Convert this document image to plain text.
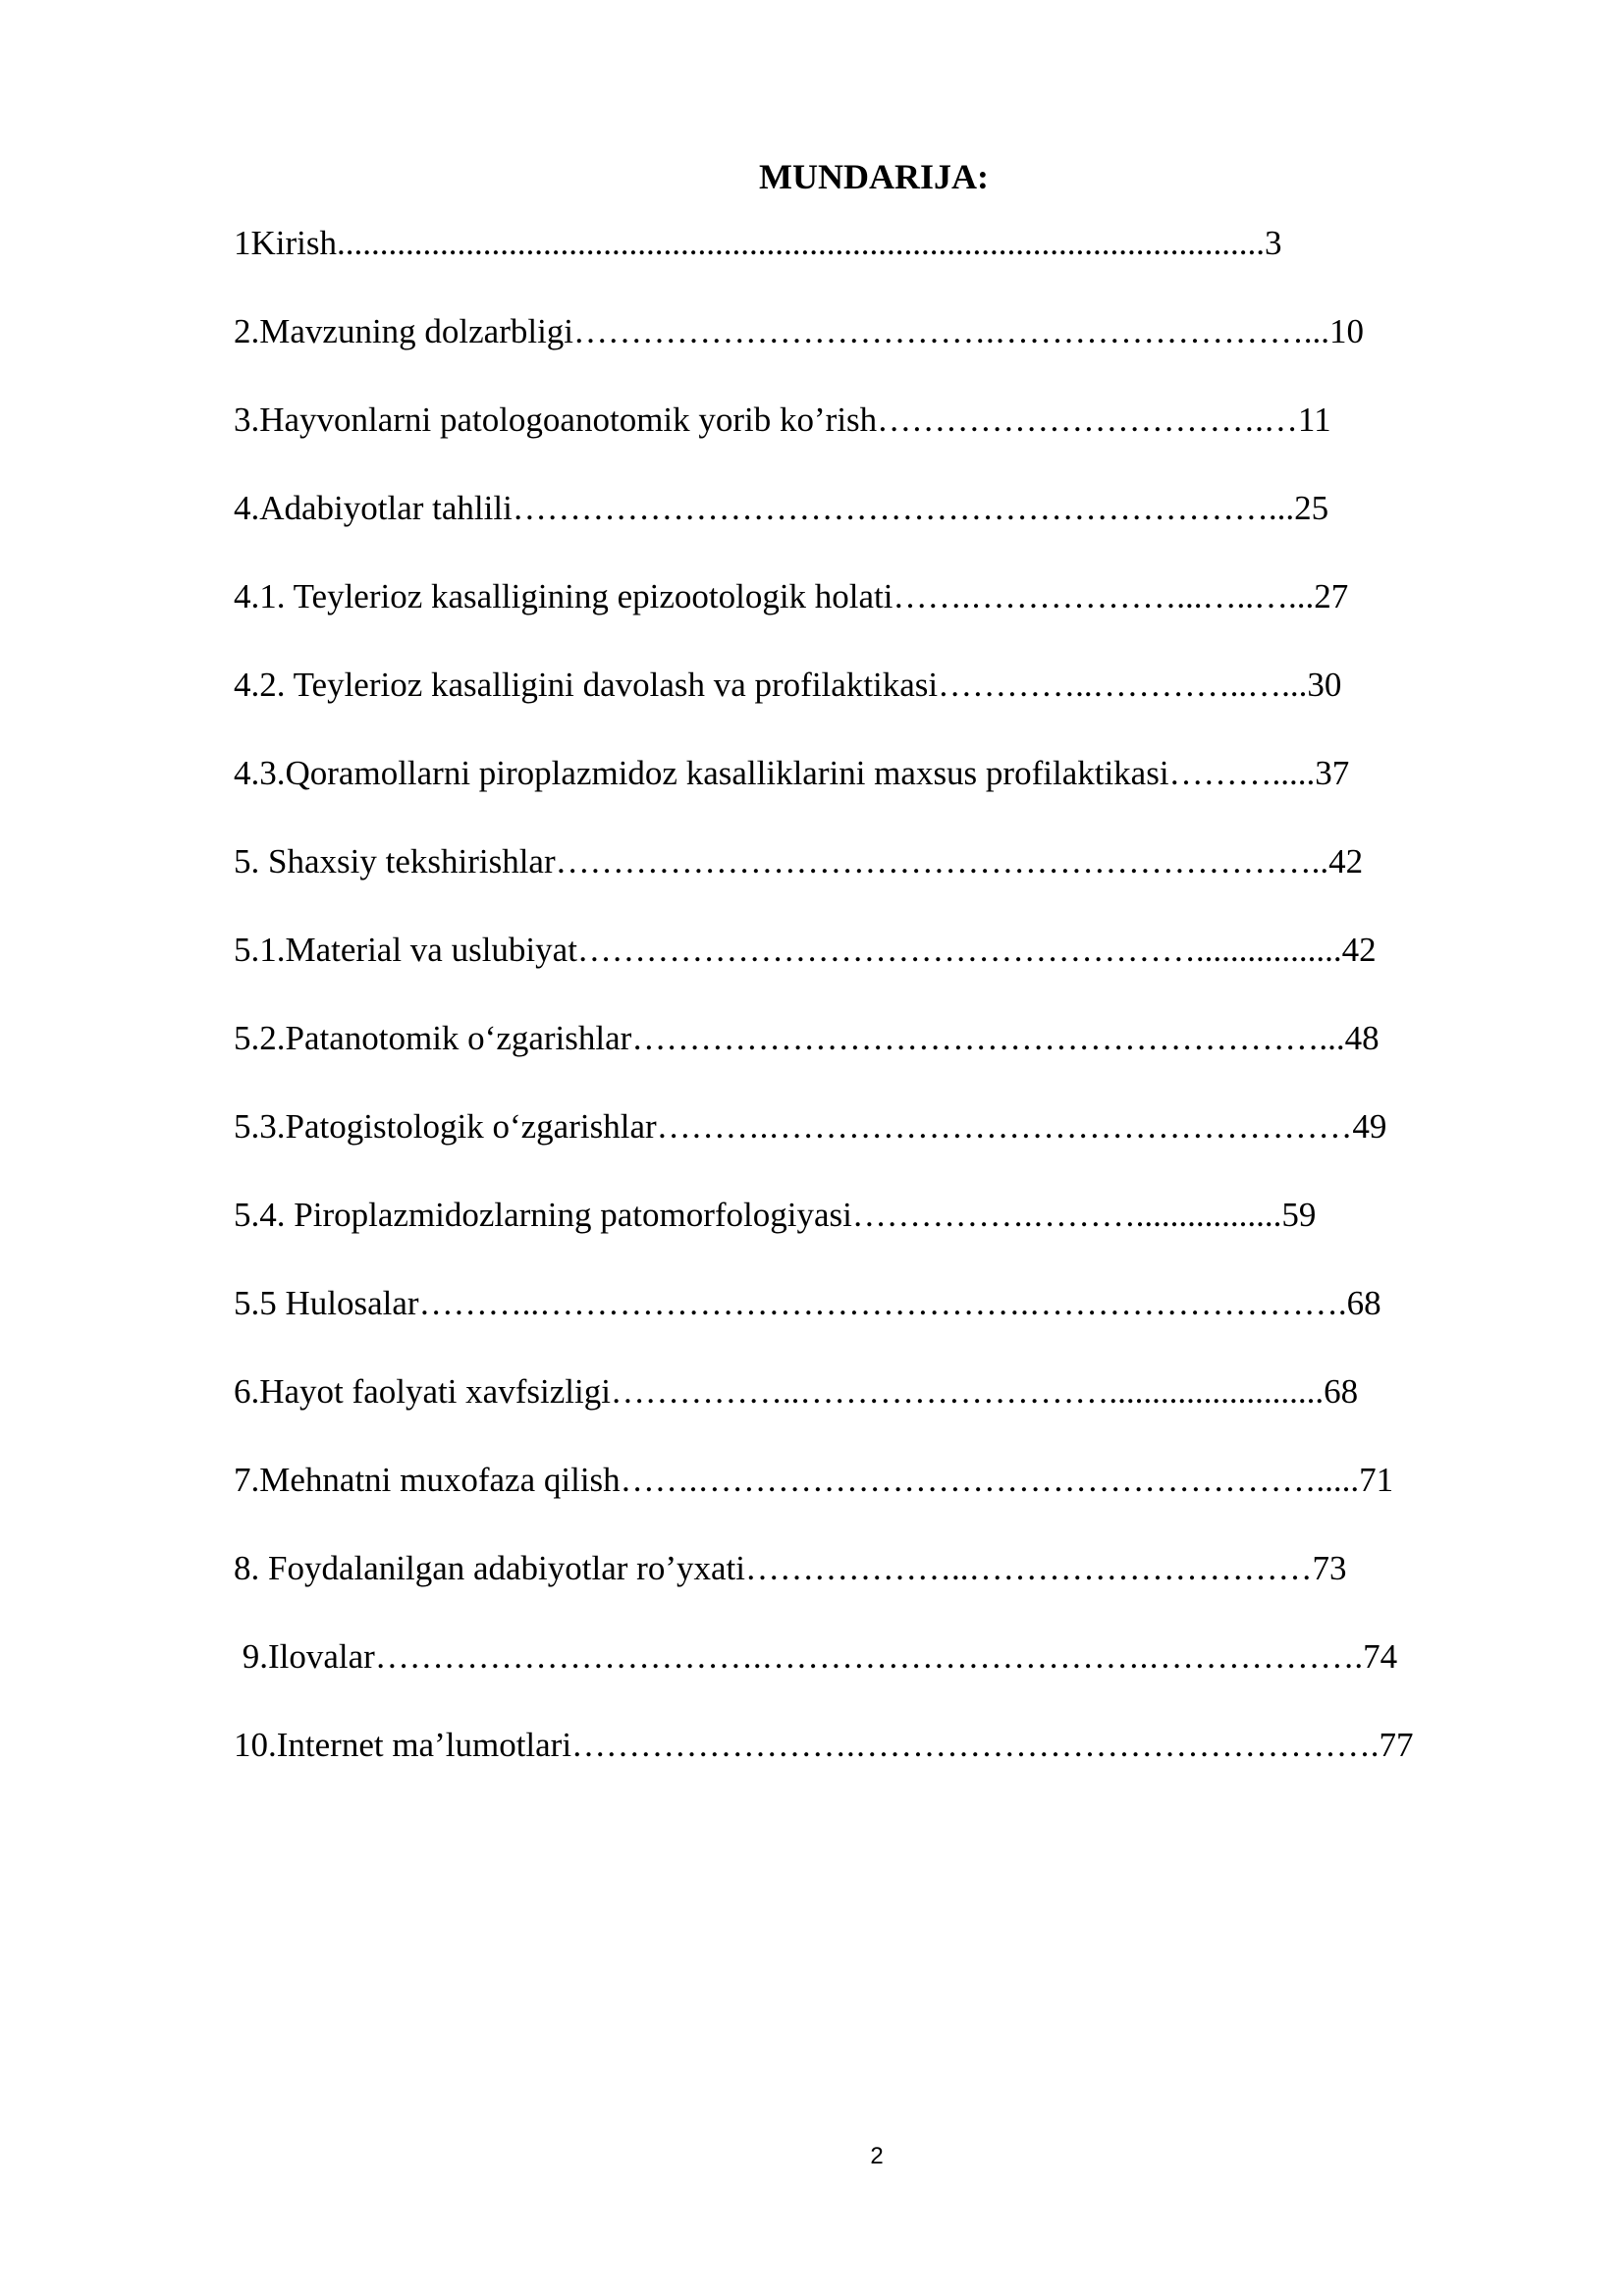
MUNDARIJA:
1Kirish............................................................................................................3
2.Mavzuning dolzarbligi……………………………….………………………...10
3.Hayvonlarni patologoanotomik yorib ko’rish…………………………….…11
4.Adabiyotlar tahlili…………………………………………………………...25
4.1. Teylerioz kasalligining epizootologik holati…….………………...…..…...27
4.2. Teylerioz kasalligini davolash va profilaktikasi…………..…………..…...30
4.3.Qoramollarni piroplazmidoz kasalliklarini maxsus profilaktikasi……….....37
5. Shaxsiy tekshirishlar…………………………………………………………..42
5.1.Material va uslubiyat……………………………………………….................42
5.2.Patanotomik o‘zgarishlar……………………………………………………...48
5.3.Patogistologik o‘zgarishlar……….……………………………………………49
5.4. Piroplazmidozlarning patomorfologiyasi…………….……….................59
5.5 Hulosalar………..…………………………………….……………………….68
6.Hayot faolyati xavfsizligi……………..……………………….........................68
7.Mehnatni muxofaza qilish…….……………………………………………….....71
8. Foydalanilgan adabiyotlar ro’yxati………………..…………………………73
9.Ilovalar…………………………….…………………………….……………….74
10.Internet ma’lumotlari…………………….……………………………………….77
2
